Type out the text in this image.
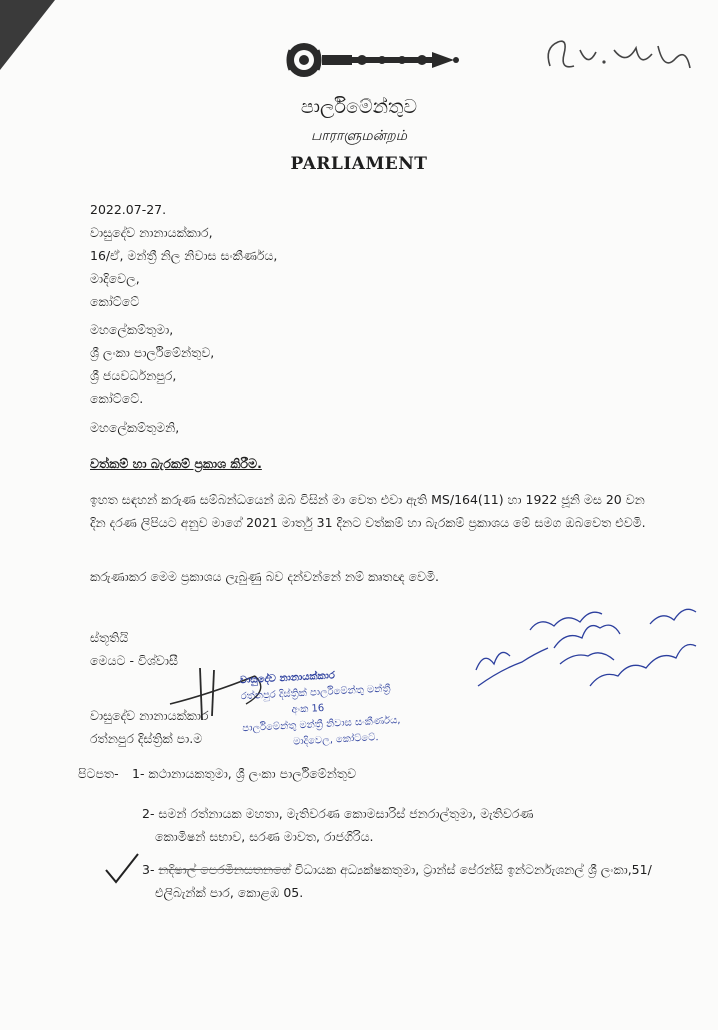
පාර්ලිමේන්තුව
பாராளுமன்றம்
PARLIAMENT
2022.07-27.
වාසුදේව නානායක්කාර,
16/ඒ, මන්ත්‍රී නිල නිවාස සංකීර්ණය,
මාදිවෙල,
කෝට්ටේ
මහලේකම්තුමා,
ශ්‍රී ලංකා පාර්ලිමේන්තුව,
ශ්‍රී ජයවර්ධනපුර,
කෝට්ටේ.
මහලේකම්තුමනි,
වත්කම් හා බැරකම් ප්‍රකාශ කිරීම.
ඉහත සඳහන් කරුණ සම්බන්ධයෙන් ඔබ විසින් මා වෙත එවා ඇති MS/164(11) හා 1922 ජූනි මස 20 වන දින දරණ ලිපියට අනුව මාගේ 2021 මාර්තු 31 දිනට වත්කම් හා බැරකම් ප්‍රකාශය මේ සමග ඔබවෙත එවමි.
කරුණාකර මෙම ප්‍රකාශය ලැබුණු බව දන්වන්නේ නම් කෘතඥ වෙමි.
ස්තූතියි
මෙයට - විශ්වාසී
වාසුදේව නානායක්කාර
රත්නපුර දිස්ත්‍රික් පා.ම
වාසුදේව නානායක්කාර
රත්නපුර දිස්ත්‍රික් පාර්ලිමේන්තු මන්ත්‍රී
අංක 16
පාර්ලිමේන්තු මන්ත්‍රී නිවාස සංකීර්ණය,
මාදිවෙල, කෝට්ටේ.
පිටපත- 1- කථානායකතුමා, ශ්‍රී ලංකා පාර්ලිමේන්තුව
2- සමන් රත්නායක මහතා, මැතිවරණ කොමසාරිස් ජනරාල්තුමා, මැතිවරණ
කොමිෂන් සභාව, සරණ මාවත, රාජගිරිය.
3- නදිෂාල් පෙරමිනසතනගේ විධායක අධ්‍යක්ෂකතුමා, ට්‍රාන්ස් පේරන්සි ඉන්ටර්නැශනල් ශ්‍රී ලංකා,51/
එලිබැන්ක් පාර, කොළඹ 05.
